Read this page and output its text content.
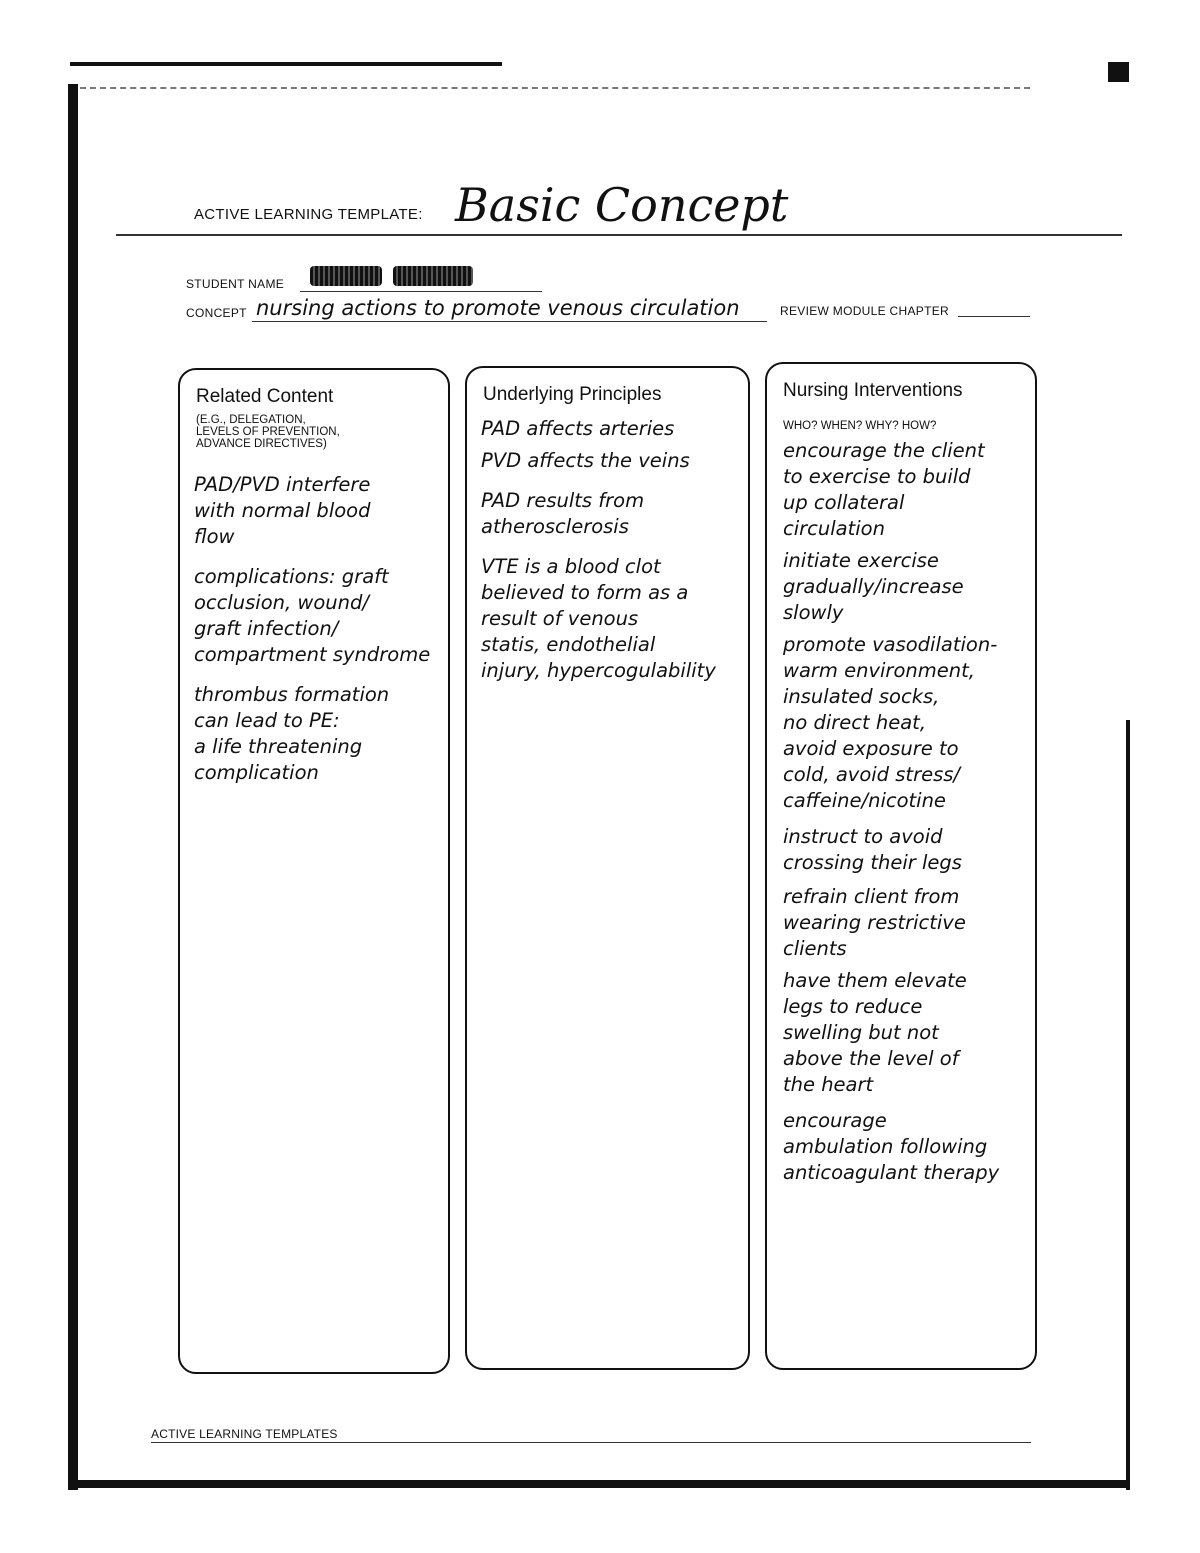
ACTIVE LEARNING TEMPLATE: Basic Concept
STUDENT NAME
CONCEPT nursing actions to promote venous circulation	REVIEW MODULE CHAPTER
Related Content
(E.G., DELEGATION,
LEVELS OF PREVENTION,
ADVANCE DIRECTIVES)

PAD/PVD interfere
with normal blood
flow

complications: graft
occlusion, wound/
graft infection/
compartment syndrome

thrombus formation
can lead to PE:
a life threatening
complication

Underlying Principles

PAD affects arteries

PVD affects the veins

PAD results from
atherosclerosis

VTE is a blood clot
believed to form as a
result of venous
statis, endothelial
injury, hypercogulability

Nursing Interventions
WHO? WHEN? WHY? HOW?

encourage the client
to exercise to build
up collateral
circulation

initiate exercise
gradually/increase
slowly

promote vasodilation-
warm environment,
insulated socks,
no direct heat,
avoid exposure to
cold, avoid stress/
caffeine/nicotine

instruct to avoid
crossing their legs

refrain client from
wearing restrictive
clients

have them elevate
legs to reduce
swelling but not
above the level of
the heart

encourage
ambulation following
anticoagulant therapy

ACTIVE LEARNING TEMPLATES
